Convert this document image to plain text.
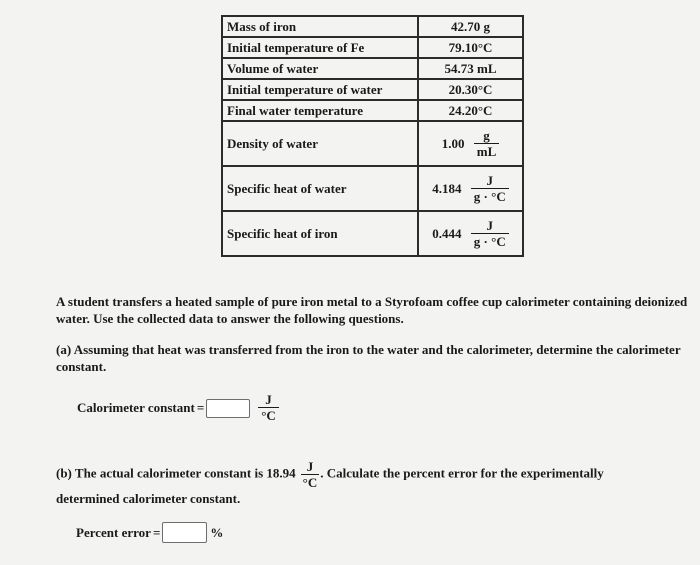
Mass of iron	42.70 g
Initial temperature of Fe	79.10°C
Volume of water	54.73 mL
Initial temperature of water	20.30°C
Final water temperature	24.20°C
Density of water	$1.00 \frac{g}{mL}$

Specific heat of water	$4.184 \frac{J}{g \cdot ^\circ C}$

Specific heat of iron	$0.444 \frac{J}{g \cdot ^\circ C}$
A student transfers a heated sample of pure iron metal to a Styrofoam coffee cup calorimeter containing deionized water. Use the collected data to answer the following questions.
(a) Assuming that heat was transferred from the iron to the water and the calorimeter, determine the calorimeter constant.
Calorimeter constant =	$\frac{J}{^\circ C}$
(b) The actual calorimeter constant is $18.94 \frac{J}{^\circ C}$ . Calculate the percent error for the experimentally
determined calorimeter constant.
Percent error =	%
